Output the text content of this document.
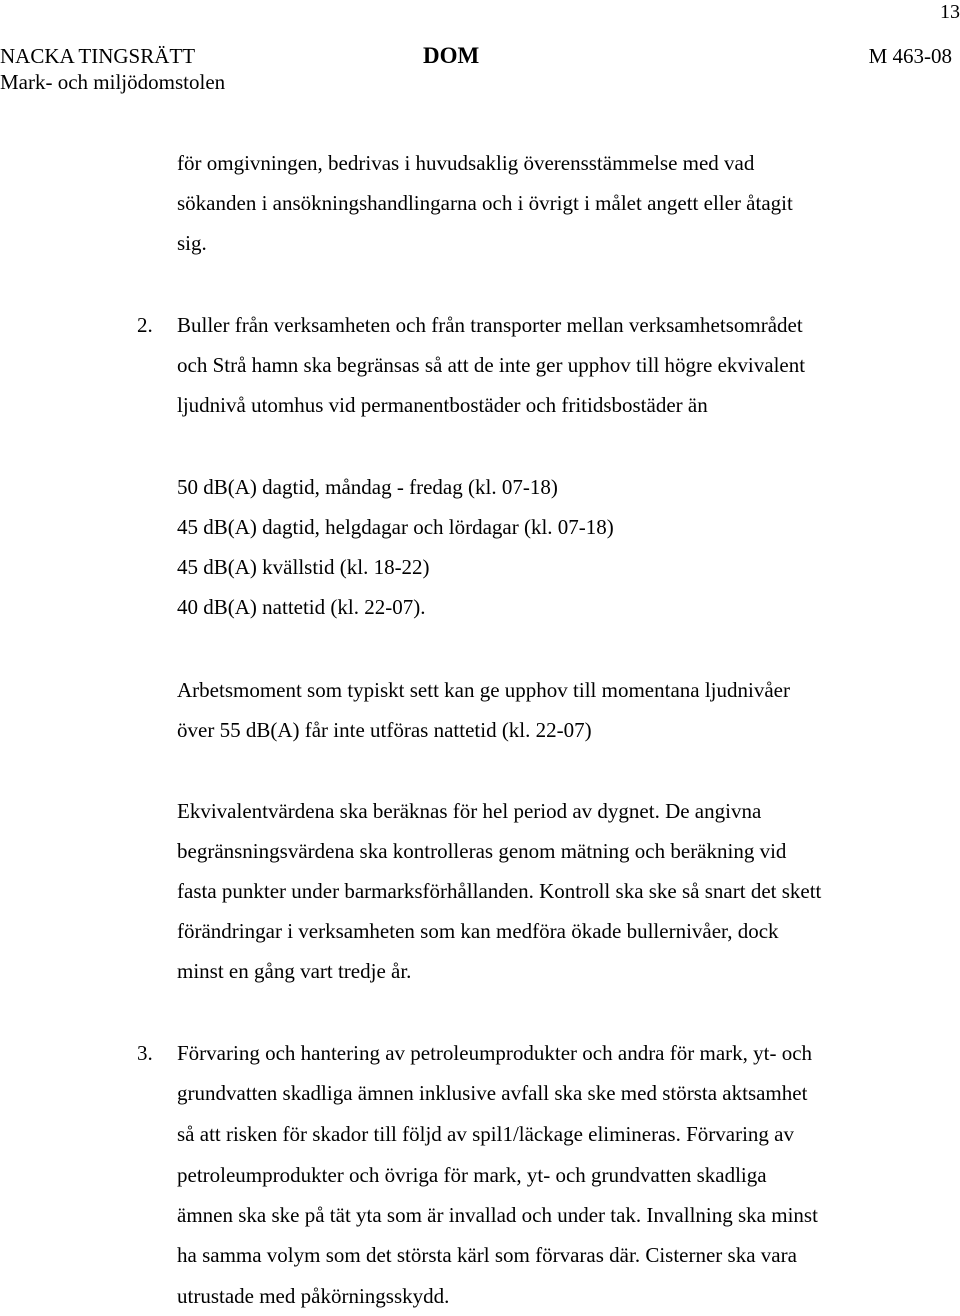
13
NACKA TINGSRÄTT
Mark- och miljödomstolen
DOM	M 463-08
för omgivningen, bedrivas i huvudsaklig överensstämmelse med vad
sökanden i ansökningshandlingarna och i övrigt i målet angett eller åtagit
sig.
2. Buller från verksamheten och från transporter mellan verksamhetsområdet
och Strå hamn ska begränsas så att de inte ger upphov till högre ekvivalent
ljudnivå utomhus vid permanentbostäder och fritidsbostäder än
50 dB(A) dagtid, måndag - fredag (kl. 07-18)
45 dB(A) dagtid, helgdagar och lördagar (kl. 07-18)
45 dB(A) kvällstid (kl. 18-22)
40 dB(A) nattetid (kl. 22-07).
Arbetsmoment som typiskt sett kan ge upphov till momentana ljudnivåer
över 55 dB(A) får inte utföras nattetid (kl. 22-07)
Ekvivalentvärdena ska beräknas för hel period av dygnet. De angivna
begränsningsvärdena ska kontrolleras genom mätning och beräkning vid
fasta punkter under barmarksförhållanden. Kontroll ska ske så snart det skett
förändringar i verksamheten som kan medföra ökade bullernivåer, dock
minst en gång vart tredje år.
3. Förvaring och hantering av petroleumprodukter och andra för mark, yt- och
grundvatten skadliga ämnen inklusive avfall ska ske med största aktsamhet
så att risken för skador till följd av spil1/läckage elimineras. Förvaring av
petroleumprodukter och övriga för mark, yt- och grundvatten skadliga
ämnen ska ske på tät yta som är invallad och under tak. Invallning ska minst
ha samma volym som det största kärl som förvaras där. Cisterner ska vara
utrustade med påkörningsskydd.
